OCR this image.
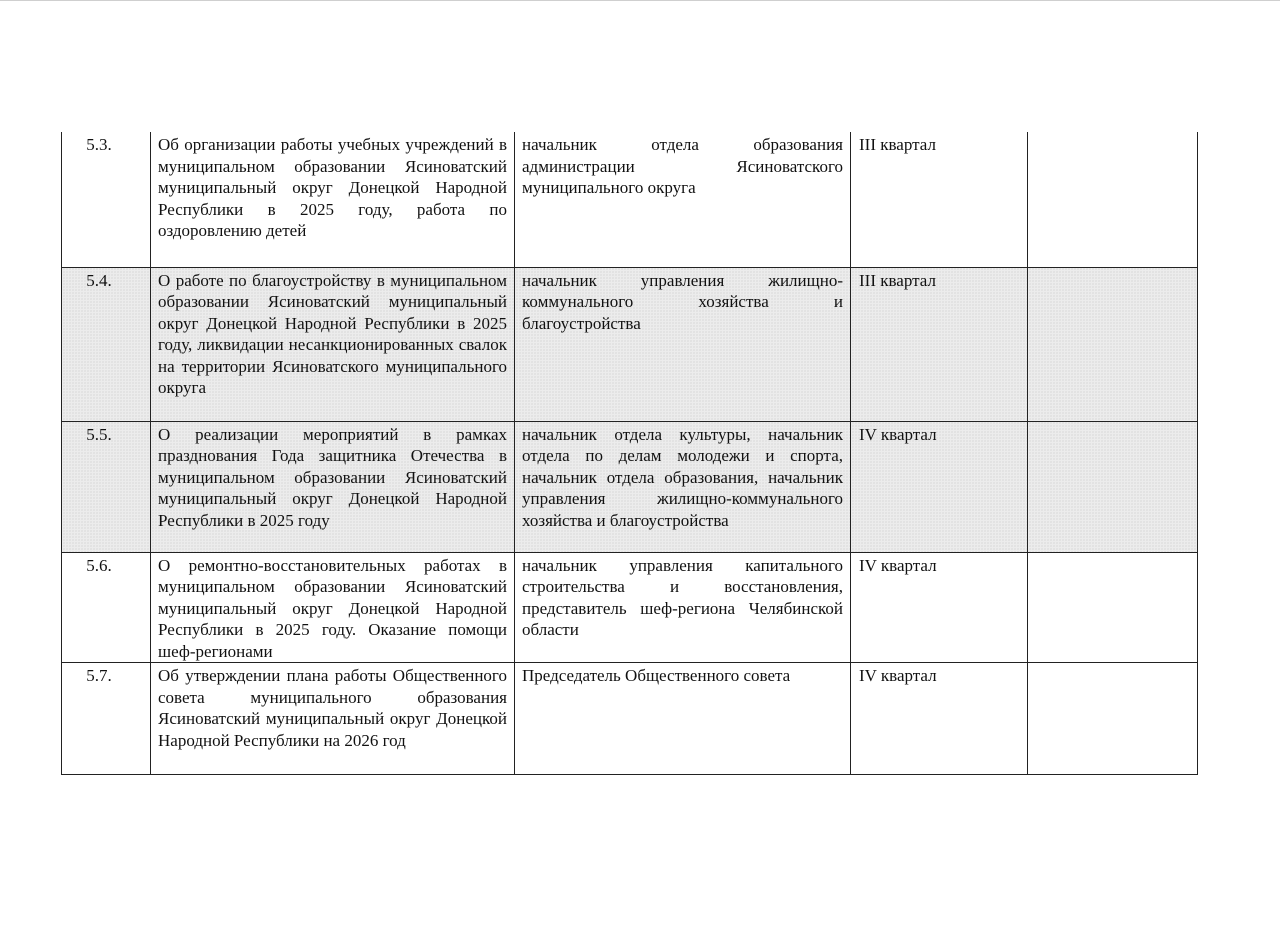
5.3.	Об организации работы учебных учреждений в муниципальном образовании Ясиноватский муниципальный округ Донецкой Народной Республики в 2025 году, работа по оздоровлению детей	начальник отдела образования администрации Ясиноватского муниципального округа	III квартал	
5.4.	О работе по благоустройству в муниципальном образовании Ясиноватский муниципальный округ Донецкой Народной Республики в 2025 году, ликвидации несанкционированных свалок на территории Ясиноватского муниципального округа	начальник управления жилищно-коммунального хозяйства и благоустройства	III квартал	
5.5.	О реализации мероприятий в рамках празднования Года защитника Отечества в муниципальном образовании Ясиноватский муниципальный округ Донецкой Народной Республики в 2025 году	начальник отдела культуры, начальник отдела по делам молодежи и спорта, начальник отдела образования, начальник управления жилищно-коммунального хозяйства и благоустройства	IV квартал	
5.6.	О ремонтно-восстановительных работах в муниципальном образовании Ясиноватский муниципальный округ Донецкой Народной Республики в 2025 году. Оказание помощи шеф-регионами	начальник управления капитального строительства и восстановления, представитель шеф-региона Челябинской области	IV квартал	
5.7.	Об утверждении плана работы Общественного совета муниципального образования Ясиноватский муниципальный округ Донецкой Народной Республики на 2026 год	Председатель Общественного совета	IV квартал	
